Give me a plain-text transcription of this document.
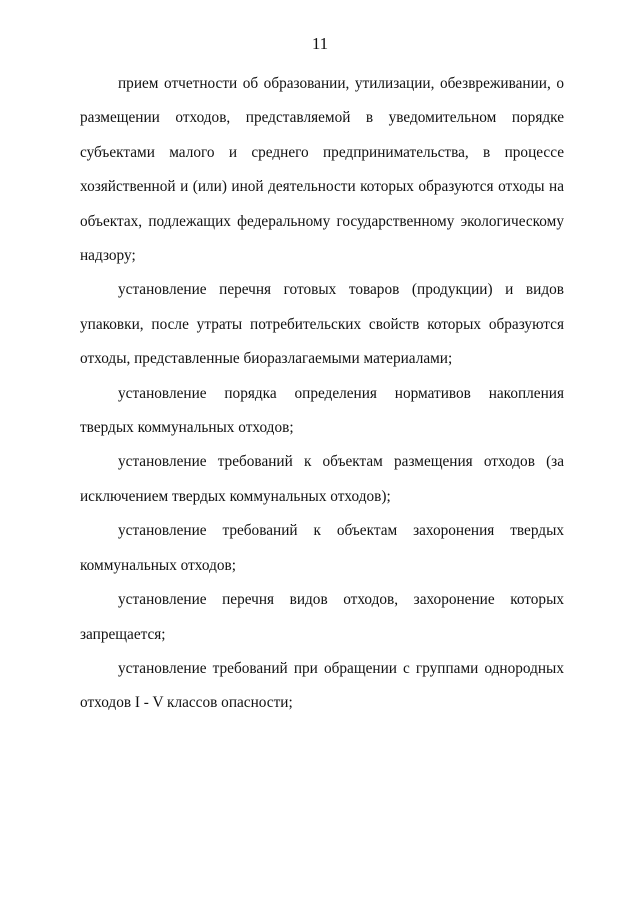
11

прием отчетности об образовании, утилизации, обезвреживании, о размещении отходов, представляемой в уведомительном порядке субъектами малого и среднего предпринимательства, в процессе хозяйственной и (или) иной деятельности которых образуются отходы на объектах, подлежащих федеральному государственному экологическому надзору;

установление перечня готовых товаров (продукции) и видов упаковки, после утраты потребительских свойств которых образуются отходы, представленные биоразлагаемыми материалами;

установление порядка определения нормативов накопления твердых коммунальных отходов;

установление требований к объектам размещения отходов (за исключением твердых коммунальных отходов);

установление требований к объектам захоронения твердых коммунальных отходов;

установление перечня видов отходов, захоронение которых запрещается;

установление требований при обращении с группами однородных отходов I - V классов опасности;
